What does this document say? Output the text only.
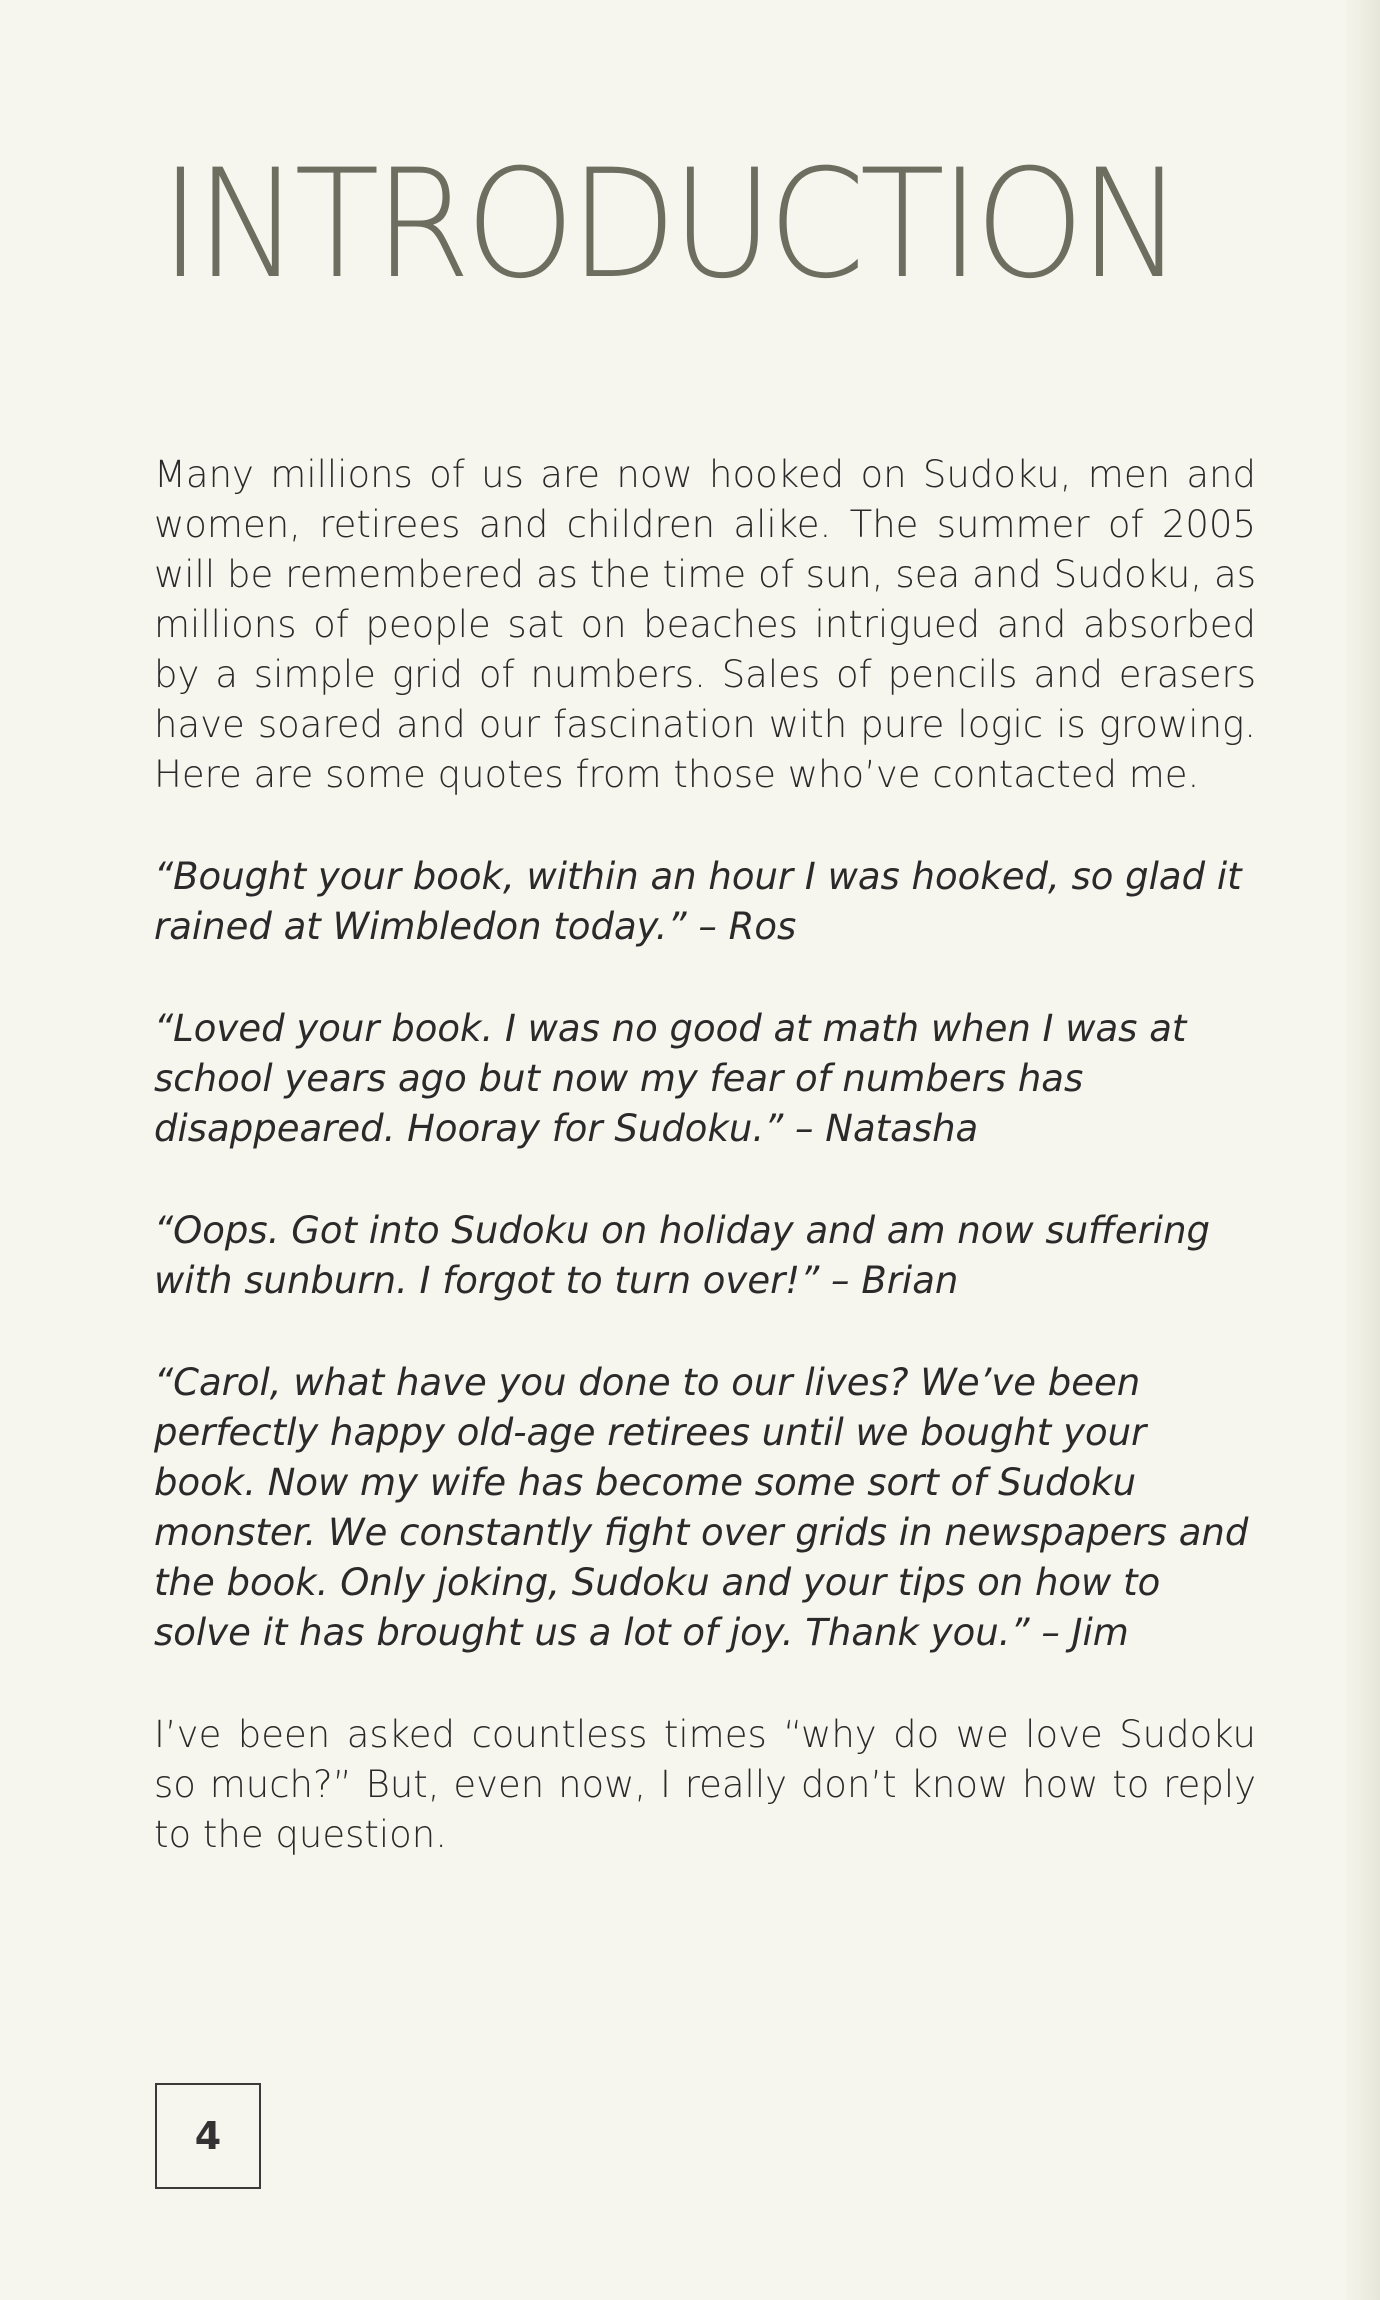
INTRODUCTION

Many millions of us are now hooked on Sudoku, men and women, retirees and children alike. The summer of 2005 will be remembered as the time of sun, sea and Sudoku, as millions of people sat on beaches intrigued and absorbed by a simple grid of numbers. Sales of pencils and erasers have soared and our fascination with pure logic is growing. Here are some quotes from those who’ve contacted me.

“Bought your book, within an hour I was hooked, so glad it rained at Wimbledon today.” – Ros

“Loved your book. I was no good at math when I was at school years ago but now my fear of numbers has disappeared. Hooray for Sudoku.” – Natasha

“Oops. Got into Sudoku on holiday and am now suffering with sunburn. I forgot to turn over!” – Brian

“Carol, what have you done to our lives? We’ve been perfectly happy old-age retirees until we bought your book. Now my wife has become some sort of Sudoku monster. We constantly fight over grids in newspapers and the book. Only joking, Sudoku and your tips on how to solve it has brought us a lot of joy. Thank you.” – Jim

I’ve been asked countless times “why do we love Sudoku so much?” But, even now, I really don’t know how to reply to the question.

4
